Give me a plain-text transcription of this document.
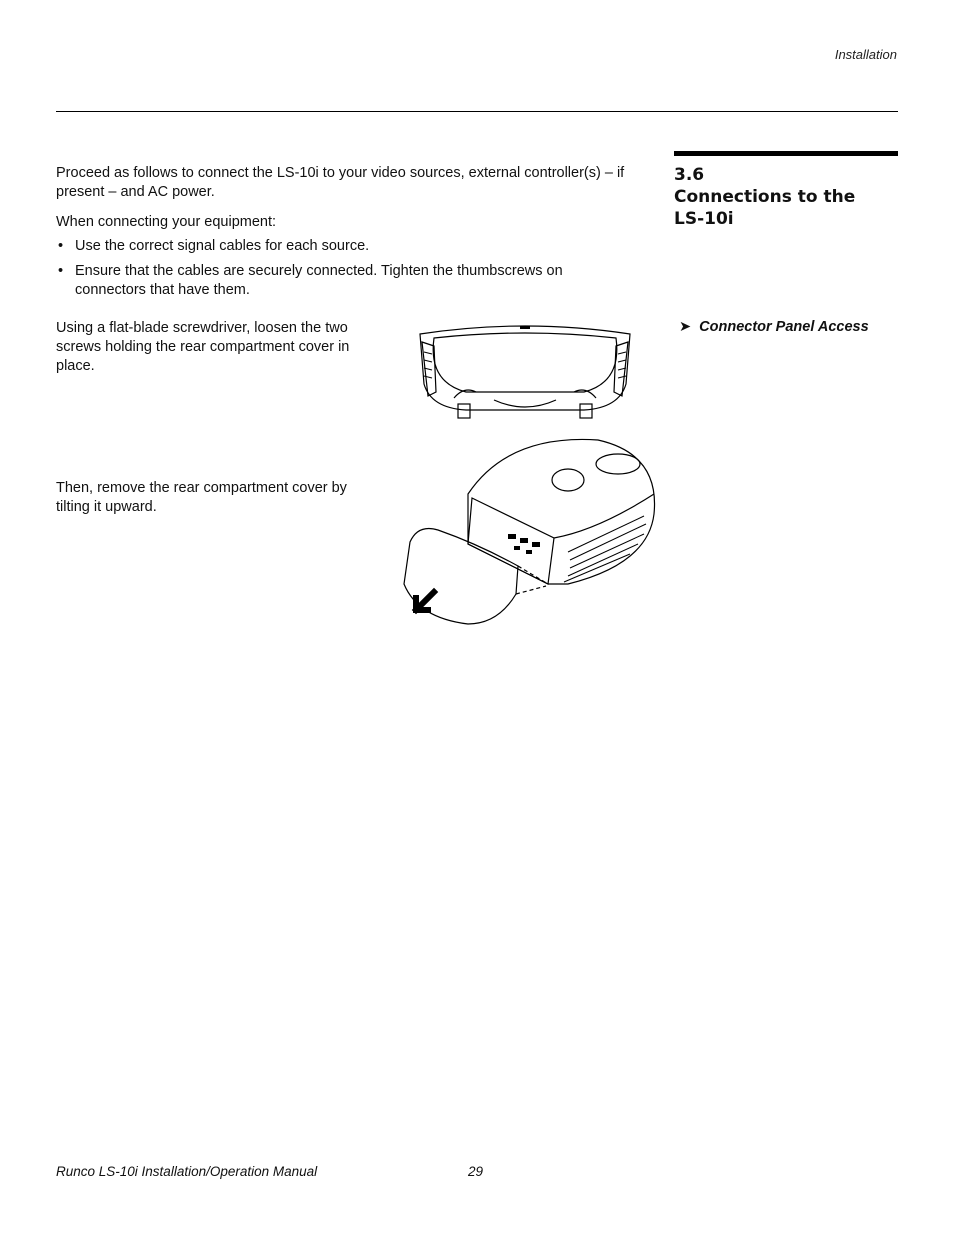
Installation
3.6
Connections to the
LS-10i
Proceed as follows to connect the LS-10i to your video sources, external controller(s) – if present – and AC power.
When connecting your equipment:
• Use the correct signal cables for each source.
• Ensure that the cables are securely connected. Tighten the thumbscrews on connectors that have them.
➤ Connector Panel Access
Using a flat-blade screwdriver, loosen the two screws holding the rear compartment cover in place.
Then, remove the rear compartment cover by tilting it upward.
Runco LS-10i Installation/Operation Manual	29
